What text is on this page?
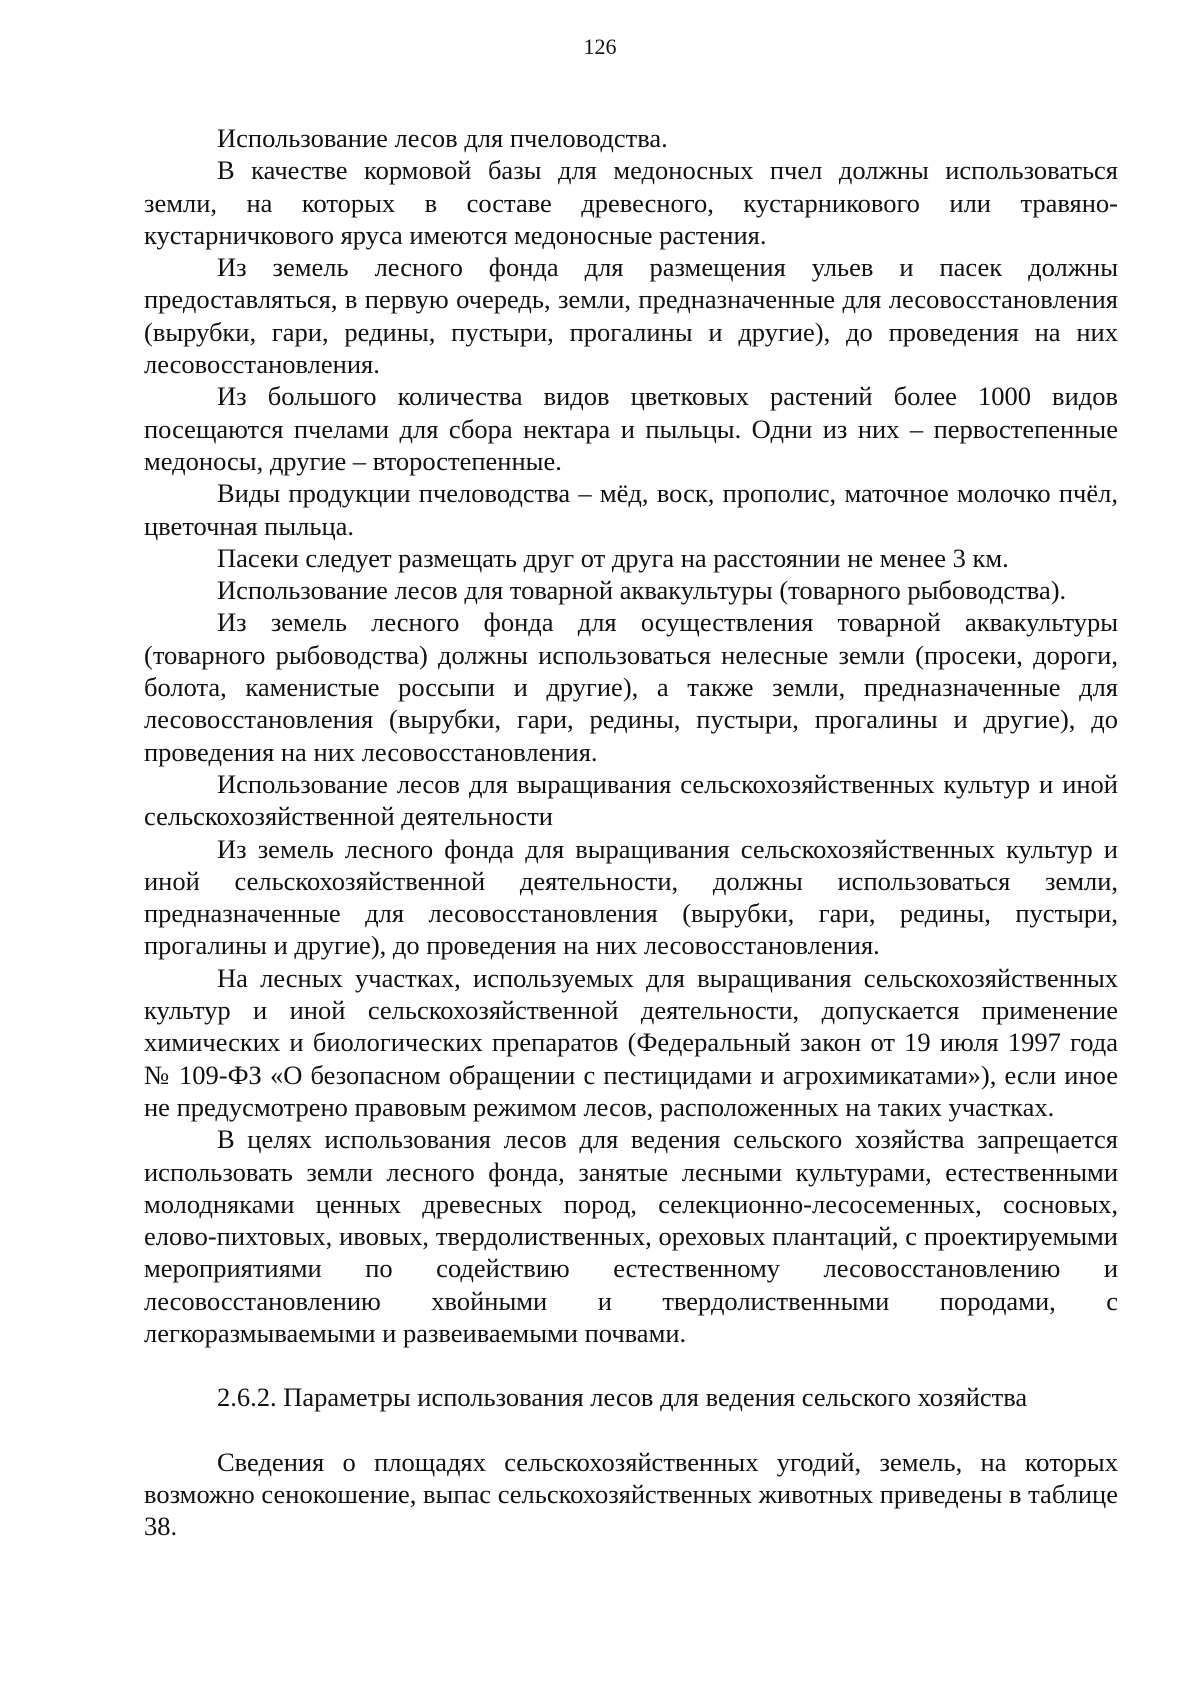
126

Использование лесов для пчеловодства.

В качестве кормовой базы для медоносных пчел должны использоваться земли, на которых в составе древесного, кустарникового или травяно-кустарничкового яруса имеются медоносные растения.

Из земель лесного фонда для размещения ульев и пасек должны предоставляться, в первую очередь, земли, предназначенные для лесовосстановления (вырубки, гари, редины, пустыри, прогалины и другие), до проведения на них лесовосстановления.

Из большого количества видов цветковых растений более 1000 видов посещаются пчелами для сбора нектара и пыльцы. Одни из них – первостепенные медоносы, другие – второстепенные.

Виды продукции пчеловодства – мёд, воск, прополис, маточное молочко пчёл, цветочная пыльца.

Пасеки следует размещать друг от друга на расстоянии не менее 3 км.

Использование лесов для товарной аквакультуры (товарного рыбоводства).

Из земель лесного фонда для осуществления товарной аквакультуры (товарного рыбоводства) должны использоваться нелесные земли (просеки, дороги, болота, каменистые россыпи и другие), а также земли, предназначенные для лесовосстановления (вырубки, гари, редины, пустыри, прогалины и другие), до проведения на них лесовосстановления.

Использование лесов для выращивания сельскохозяйственных культур и иной сельскохозяйственной деятельности

Из земель лесного фонда для выращивания сельскохозяйственных культур и иной сельскохозяйственной деятельности, должны использоваться земли, предназначенные для лесовосстановления (вырубки, гари, редины, пустыри, прогалины и другие), до проведения на них лесовосстановления.

На лесных участках, используемых для выращивания сельскохозяйственных культур и иной сельскохозяйственной деятельности, допускается применение химических и биологических препаратов (Федеральный закон от 19 июля 1997 года № 109-ФЗ «О безопасном обращении с пестицидами и агрохимикатами»), если иное не предусмотрено правовым режимом лесов, расположенных на таких участках.

В целях использования лесов для ведения сельского хозяйства запрещается использовать земли лесного фонда, занятые лесными культурами, естественными молодняками ценных древесных пород, селекционно-лесосеменных, сосновых, елово-пихтовых, ивовых, твердолиственных, ореховых плантаций, с проектируемыми мероприятиями по содействию естественному лесовосстановлению и лесовосстановлению хвойными и твердолиственными породами, с легкоразмываемыми и развеиваемыми почвами.

2.6.2. Параметры использования лесов для ведения сельского хозяйства

Сведения о площадях сельскохозяйственных угодий, земель, на которых возможно сенокошение, выпас сельскохозяйственных животных приведены в таблице 38.
